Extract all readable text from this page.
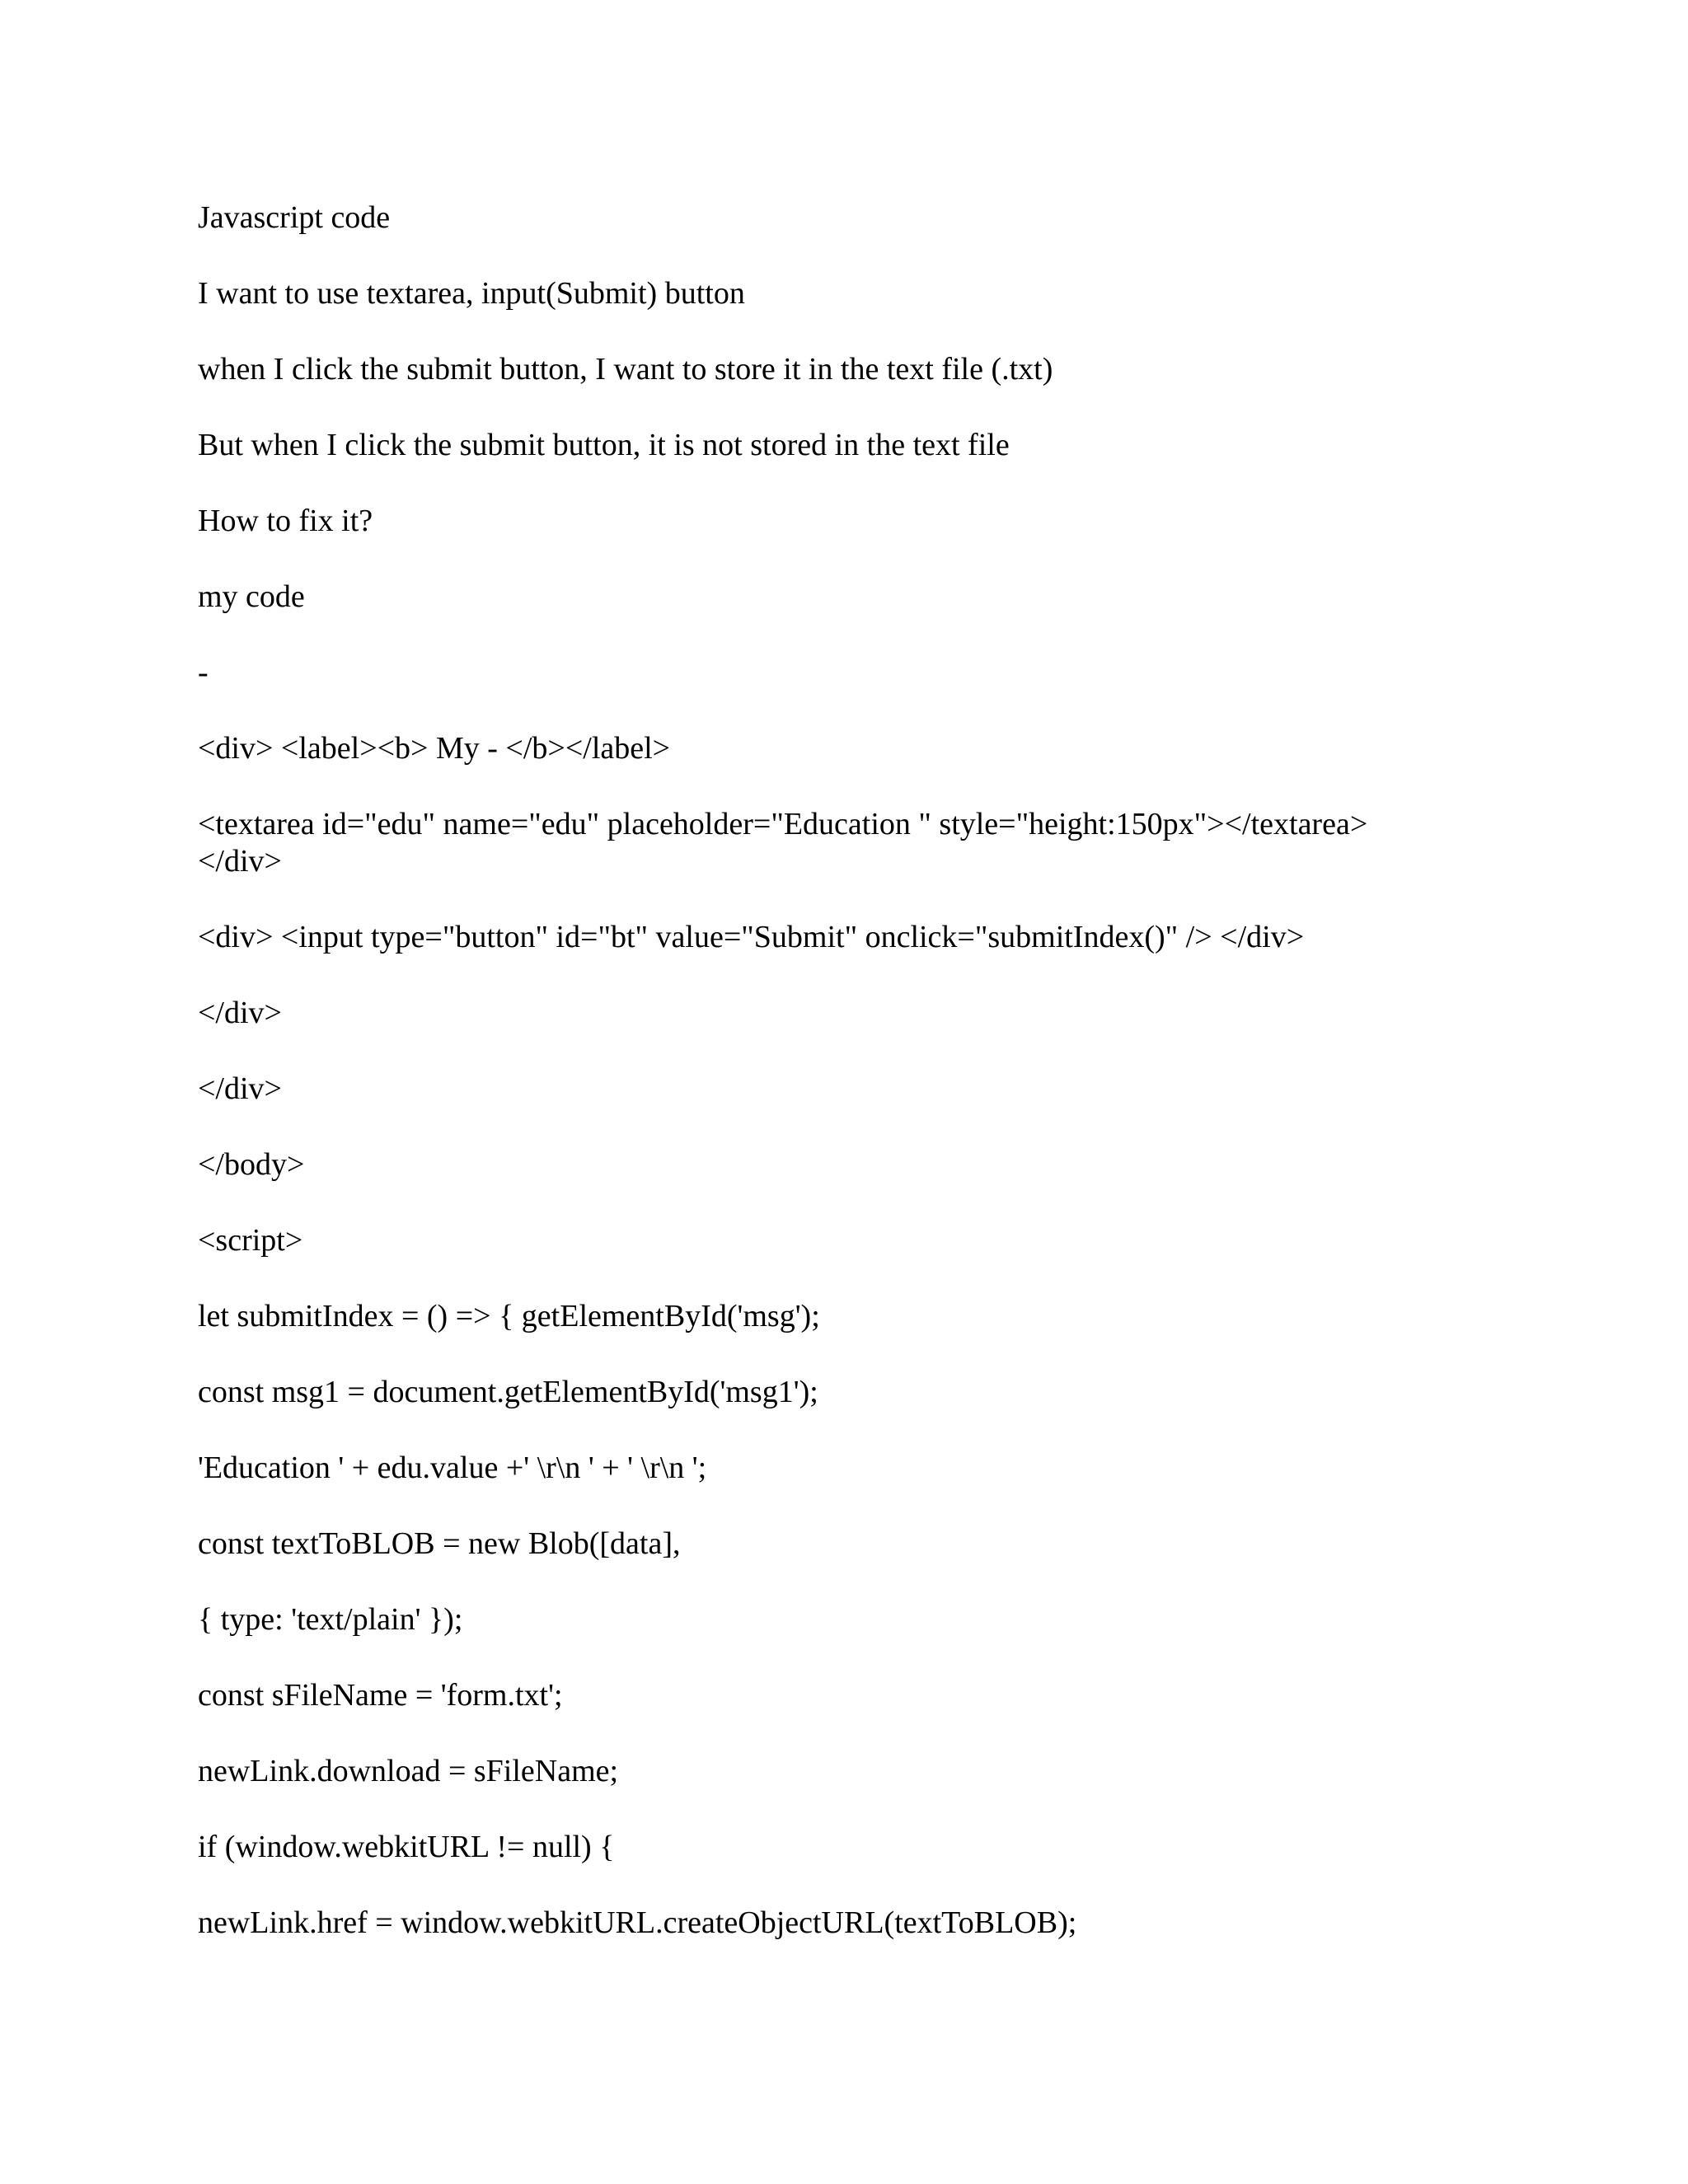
Javascript code

I want to use textarea, input(Submit) button

when I click the submit button, I want to store it in the text file (.txt)

But when I click the submit button, it is not stored in the text file

How to fix it?

my code

-

<div> <label><b> My - </b></label>

<textarea id="edu" name="edu" placeholder="Education " style="height:150px"></textarea>

</div>

<div> <input type="button" id="bt" value="Submit" onclick="submitIndex()" /> </div>

</div>

</div>

</body>

<script>

let submitIndex = () => { getElementById('msg');

const msg1 = document.getElementById('msg1');

'Education ' + edu.value +' \r\n ' + ' \r\n ';

const textToBLOB = new Blob([data],

{ type: 'text/plain' });

const sFileName = 'form.txt';

newLink.download = sFileName;

if (window.webkitURL != null) {

newLink.href = window.webkitURL.createObjectURL(textToBLOB);
